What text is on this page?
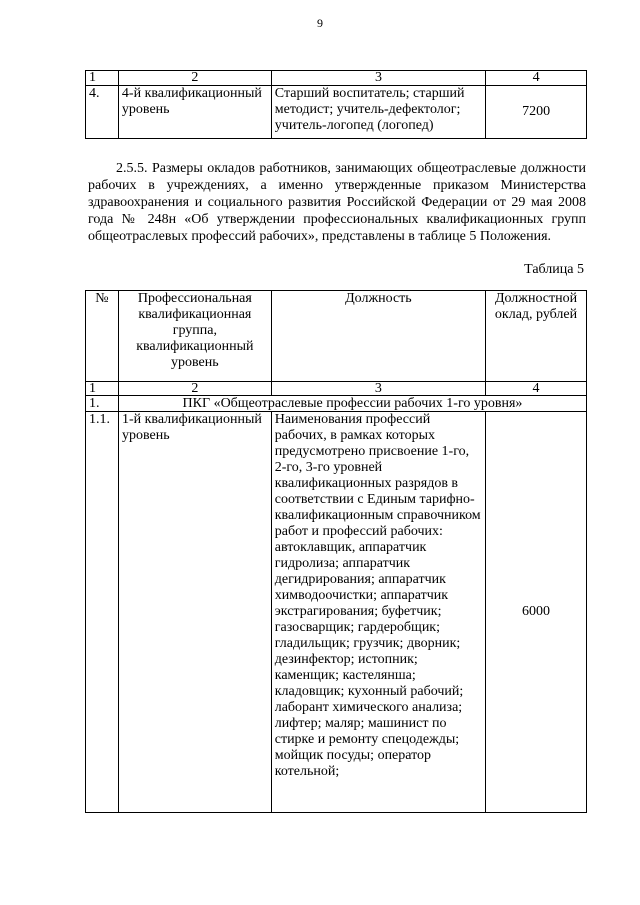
9
1	2	3	4
4.	4-й квалификационный уровень	Старший воспитатель; старший методист; учитель-дефектолог; учитель-логопед (логопед)	7200
2.5.5. Размеры окладов работников, занимающих общеотраслевые должности рабочих в учреждениях, а именно утвержденные приказом Министерства здравоохранения и социального развития Российской Федерации от 29 мая 2008 года № 248н «Об утверждении профессиональных квалификационных групп общеотраслевых профессий рабочих», представлены в таблице 5 Положения.
Таблица 5
№	Профессиональная квалификационная группа, квалификационный уровень	Должность	Должностной оклад, рублей
1	2	3	4
1.	ПКГ «Общеотраслевые профессии рабочих 1-го уровня»		
1.1.	1-й квалификационный уровень	Наименования профессий рабочих, в рамках которых предусмотрено присвоение 1-го, 2-го, 3-го уровней квалификационных разрядов в соответствии с Единым тарифно-квалификационным справочником работ и профессий рабочих: автоклавщик, аппаратчик гидролиза; аппаратчик дегидрирования; аппаратчик химводоочистки; аппаратчик экстрагирования; буфетчик; газосварщик; гардеробщик; гладильщик; грузчик; дворник; дезинфектор; истопник; каменщик; кастелянша; кладовщик; кухонный рабочий; лаборант химического анализа; лифтер; маляр; машинист по стирке и ремонту спецодежды; мойщик посуды; оператор котельной;	6000
